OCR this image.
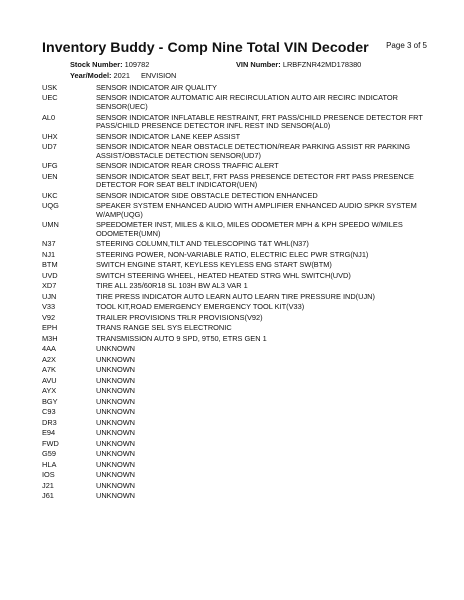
Inventory Buddy - Comp Nine Total VIN Decoder Page 3 of 5
Stock Number: 109782	VIN Number: LRBFZNR42MD178380
Year/Model: 2021 ENVISION
USK	SENSOR INDICATOR AIR QUALITY
UEC	SENSOR INDICATOR AUTOMATIC AIR RECIRCULATION AUTO AIR RECIRC INDICATOR SENSOR(UEC)
AL0	SENSOR INDICATOR INFLATABLE RESTRAINT, FRT PASS/CHILD PRESENCE DETECTOR FRT PASS/CHILD PRESENCE DETECTOR INFL REST IND SENSOR(AL0)
UHX	SENSOR INDICATOR LANE KEEP ASSIST
UD7	SENSOR INDICATOR NEAR OBSTACLE DETECTION/REAR PARKING ASSIST RR PARKING ASSIST/OBSTACLE DETECTION SENSOR(UD7)
UFG	SENSOR INDICATOR REAR CROSS TRAFFIC ALERT
UEN	SENSOR INDICATOR SEAT BELT, FRT PASS PRESENCE DETECTOR FRT PASS PRESENCE DETECTOR FOR SEAT BELT INDICATOR(UEN)
UKC	SENSOR INDICATOR SIDE OBSTACLE DETECTION ENHANCED
UQG	SPEAKER SYSTEM ENHANCED AUDIO WITH AMPLIFIER ENHANCED AUDIO SPKR SYSTEM W/AMP(UQG)
UMN	SPEEDOMETER INST, MILES & KILO, MILES ODOMETER MPH & KPH SPEEDO W/MILES ODOMETER(UMN)
N37	STEERING COLUMN,TILT AND TELESCOPING T&T WHL(N37)
NJ1	STEERING POWER, NON-VARIABLE RATIO, ELECTRIC ELEC PWR STRG(NJ1)
BTM	SWITCH ENGINE START, KEYLESS KEYLESS ENG START SW(BTM)
UVD	SWITCH STEERING WHEEL, HEATED HEATED STRG WHL SWITCH(UVD)
XD7	TIRE ALL 235/60R18 SL 103H BW AL3 VAR 1
UJN	TIRE PRESS INDICATOR AUTO LEARN AUTO LEARN TIRE PRESSURE IND(UJN)
V33	TOOL KIT,ROAD EMERGENCY EMERGENCY TOOL KIT(V33)
V92	TRAILER PROVISIONS TRLR PROVISIONS(V92)
EPH	TRANS RANGE SEL SYS ELECTRONIC
M3H	TRANSMISSION AUTO 9 SPD, 9T50, ETRS GEN 1
4AA	UNKNOWN
A2X	UNKNOWN
A7K	UNKNOWN
AVU	UNKNOWN
AYX	UNKNOWN
BGY	UNKNOWN
C93	UNKNOWN
DR3	UNKNOWN
E94	UNKNOWN
FWD	UNKNOWN
G59	UNKNOWN
HLA	UNKNOWN
IOS	UNKNOWN
J21	UNKNOWN
J61	UNKNOWN
